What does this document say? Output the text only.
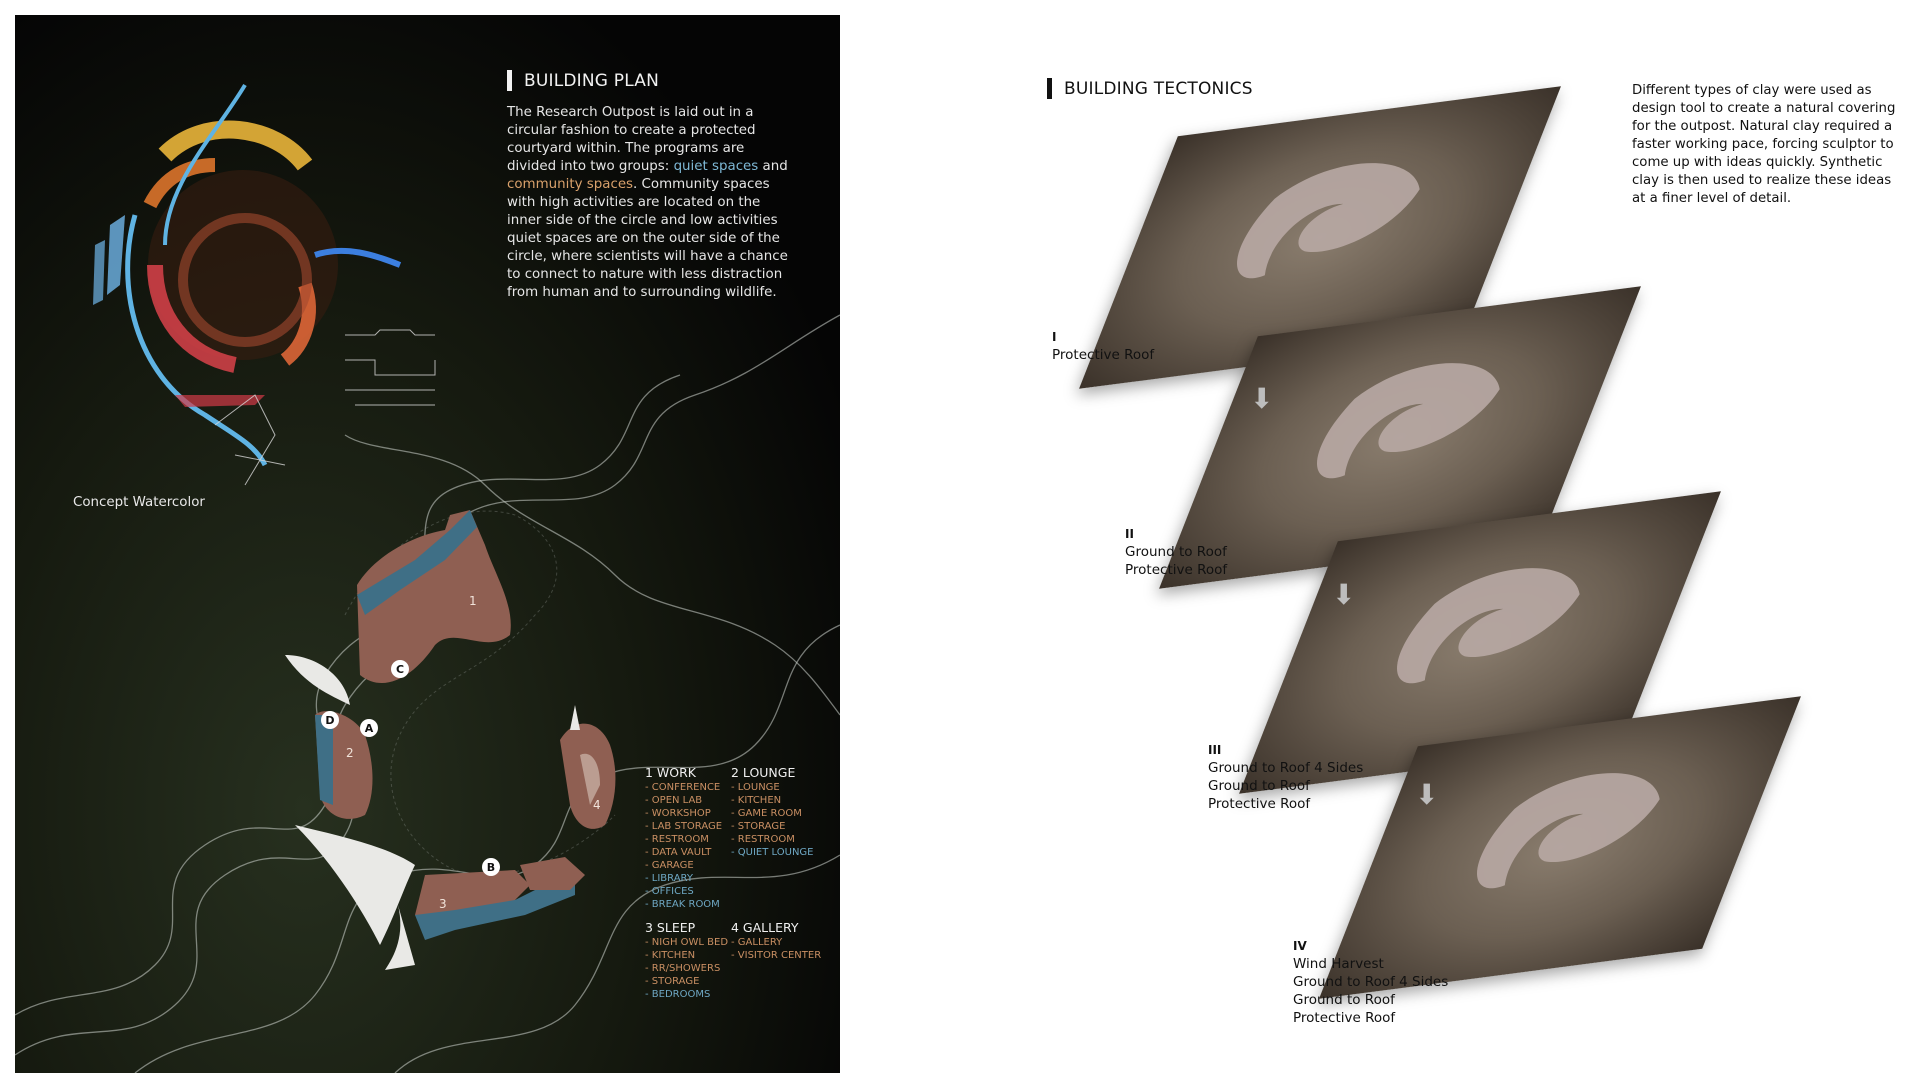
C
D
A
B
1
2
3
4
BUILDING PLAN
The Research Outpost is laid out in a circular fashion to create a protected courtyard within. The programs are divided into two groups: quiet spaces and community spaces. Community spaces with high activities are located on the inner side of the circle and low activities quiet spaces are on the outer side of the circle, where scientists will have a chance to connect to nature with less distraction from human and to surrounding wildlife.
Concept Watercolor
1 WORK
- CONFERENCE
- OPEN LAB
- WORKSHOP
- LAB STORAGE
- RESTROOM
- DATA VAULT
- GARAGE
- LIBRARY
- OFFICES
- BREAK ROOM
2 LOUNGE
- LOUNGE
- KITCHEN
- GAME ROOM
- STORAGE
- RESTROOM
- QUIET LOUNGE
3 SLEEP
- NIGH OWL BED
- KITCHEN
- RR/SHOWERS
- STORAGE
- BEDROOMS
4 GALLERY
- GALLERY
- VISITOR CENTER
BUILDING TECTONICS	Different types of clay were used as design tool to create a natural covering for the outpost. Natural clay required a faster working pace, forcing sculptor to come up with ideas quickly. Synthetic clay is then used to realize these ideas at a finer level of detail.
I
Protective Roof
II
Ground to Roof
Protective Roof
III
Ground to Roof 4 Sides
Ground to Roof
Protective Roof
IV
Wind Harvest
Ground to Roof 4 Sides
Ground to Roof
Protective Roof
⬇
⬇
⬇
